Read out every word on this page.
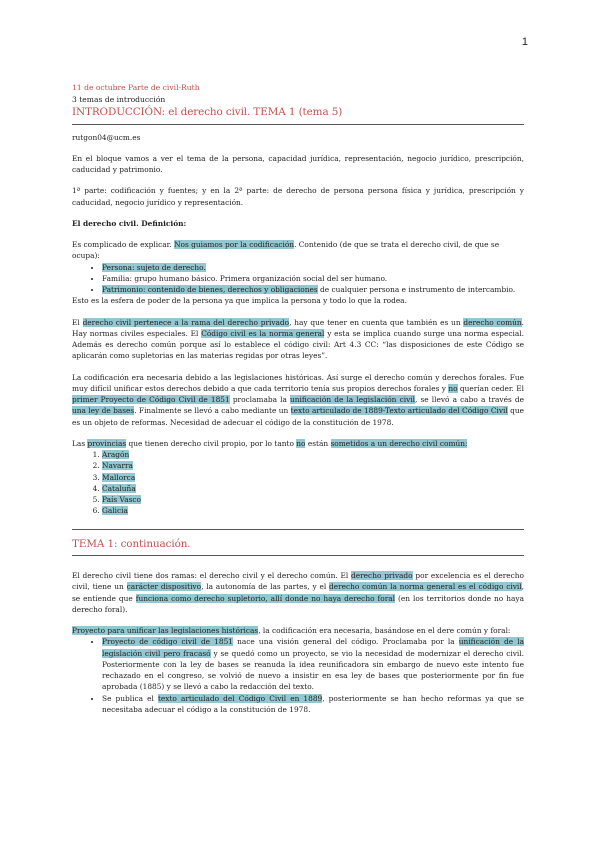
1
11 de octubre Parte de civil-Ruth
3 temas de introducción
INTRODUCCIÓN: el derecho civil. TEMA 1 (tema 5)
rutgon04@ucm.es

En el bloque vamos a ver el tema de la persona, capacidad jurídica, representación, negocio jurídico, prescripción, caducidad y patrimonio.

1ª parte: codificación y fuentes; y en la 2ª parte: de derecho de persona persona física y jurídica, prescripción y caducidad, negocio jurídico y representación.

El derecho civil. Definición:

Es complicado de explicar. Nos guiamos por la codificación. Contenido (de que se trata el derecho civil, de que se ocupa):
• Persona: sujeto de derecho.
• Familia: grupo humano básico. Primera organización social del ser humano.
• Patrimonio: contenido de bienes, derechos y obligaciones de cualquier persona e instrumento de intercambio.

Esto es la esfera de poder de la persona ya que implica la persona y todo lo que la rodea.

El derecho civil pertenece a la rama del derecho privado, hay que tener en cuenta que también es un derecho común. Hay normas civiles especiales. El Código civil es la norma general y esta se implica cuando surge una norma especial. Además es derecho común porque así lo establece el código civil: Art 4.3 CC: “las disposiciones de este Código se aplicarán como supletorias en las materias regidas por otras leyes”.

La codificación era necesaria debido a las legislaciones históricas. Así surge el derecho común y derechos forales. Fue muy difícil unificar estos derechos debido a que cada territorio tenía sus propios derechos forales y no querían ceder. El primer Proyecto de Código Civil de 1851 proclamaba la unificación de la legislación civil, se llevó a cabo a través de una ley de bases. Finalmente se llevó a cabo mediante un texto articulado de 1889-Texto articulado del Código Civil que es un objeto de reformas. Necesidad de adecuar el código de la constitución de 1978.

Las provincias que tienen derecho civil propio, por lo tanto no están sometidos a un derecho civil común:
1. Aragón
2. Navarra
3. Mallorca
4. Cataluña
5. País Vasco
6. Galicia
TEMA 1: continuación.

El derecho civil tiene dos ramas: el derecho civil y el derecho común. El derecho privado por excelencia es el derecho civil, tiene un carácter dispositivo, la autonomía de las partes, y el derecho común la norma general es el código civil, se entiende que funciona como derecho supletorio, allí donde no haya derecho foral (en los territorios donde no haya derecho foral).

Proyecto para unificar las legislaciones históricas, la codificación era necesaria, basándose en el dere común y foral:
• Proyecto de código civil de 1851 nace una visión general del código. Proclamaba por la unificación de la legislación civil pero fracasó y se quedó como un proyecto, se vio la necesidad de modernizar el derecho civil. Posteriormente con la ley de bases se reanuda la idea reunificadora sin embargo de nuevo este intento fue rechazado en el congreso, se volvió de nuevo a insistir en esa ley de bases que posteriormente por fin fue aprobada (1885) y se llevó a cabo la redacción del texto.
• Se publica el texto articulado del Código Civil en 1889, posteriormente se han hecho reformas ya que se necesitaba adecuar el código a la constitución de 1978.
